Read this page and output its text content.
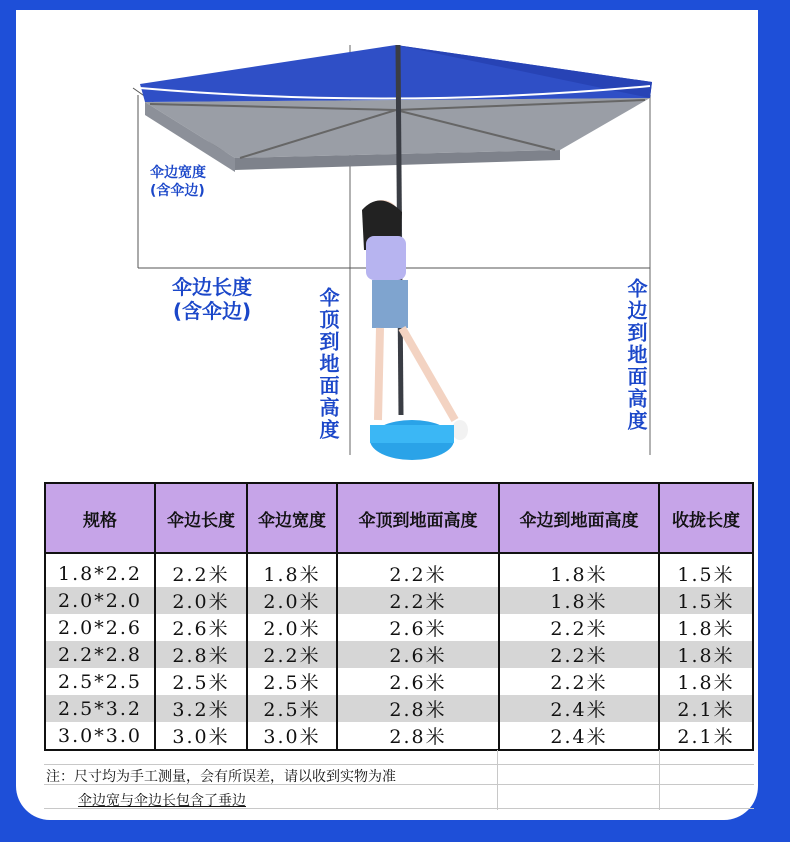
伞边宽度
(含伞边)
伞边长度
(含伞边)	伞顶到地面高度	伞边到地面高度
规格	伞边长度	伞边宽度	伞顶到地面高度	伞边到地面高度	收拢长度
1.8*2.2	2.2米	1.8米	2.2米	1.8米	1.5米
2.0*2.0	2.0米	2.0米	2.2米	1.8米	1.5米
2.0*2.6	2.6米	2.0米	2.6米	2.2米	1.8米
2.2*2.8	2.8米	2.2米	2.6米	2.2米	1.8米
2.5*2.5	2.5米	2.5米	2.6米	2.2米	1.8米
2.5*3.2	3.2米	2.5米	2.8米	2.4米	2.1米
3.0*3.0	3.0米	3.0米	2.8米	2.4米	2.1米
注：尺寸均为手工测量，会有所误差，请以收到实物为准
伞边宽与伞边长包含了垂边
